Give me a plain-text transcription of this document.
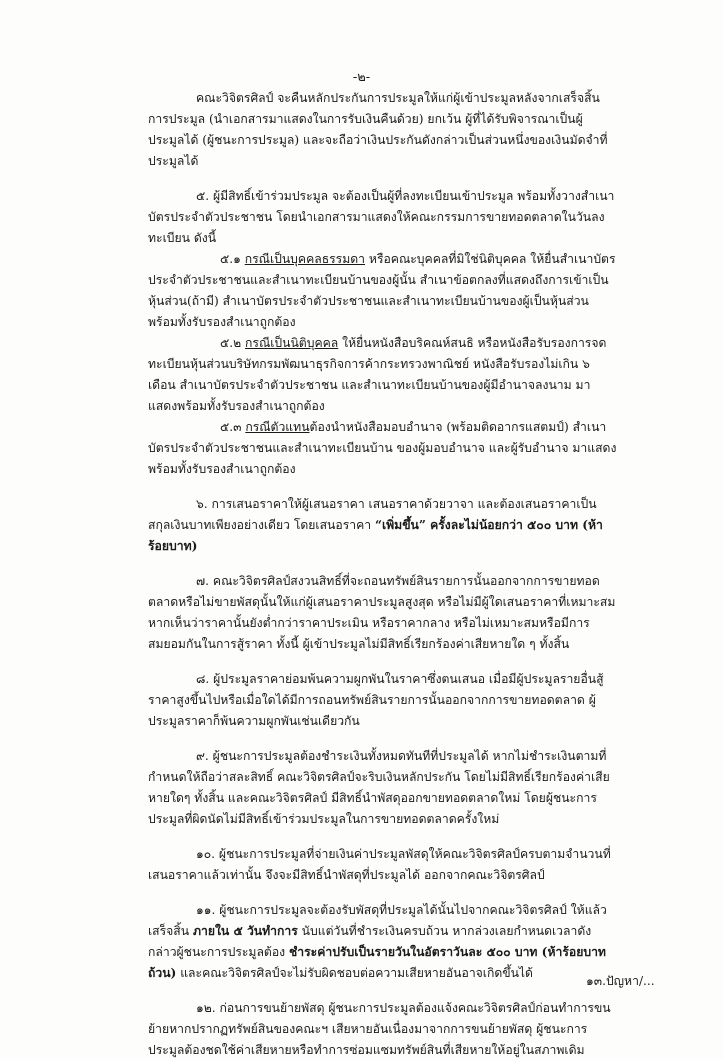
-๒-

คณะวิจิตรศิลป์ จะคืนหลักประกันการประมูลให้แก่ผู้เข้าประมูลหลังจากเสร็จสิ้นการประมูล (นำเอกสารมาแสดงในการรับเงินคืนด้วย) ยกเว้น ผู้ที่ได้รับพิจารณาเป็นผู้ประมูลได้ (ผู้ชนะการประมูล) และจะถือว่าเงินประกันดังกล่าวเป็นส่วนหนึ่งของเงินมัดจำที่ประมูลได้

๕. ผู้มีสิทธิ์เข้าร่วมประมูล จะต้องเป็นผู้ที่ลงทะเบียนเข้าประมูล พร้อมทั้งวางสำเนาบัตรประจำตัวประชาชน โดยนำเอกสารมาแสดงให้คณะกรรมการขายทอดตลาดในวันลงทะเบียน ดังนี้

๕.๑ กรณีเป็นบุคคลธรรมดา หรือคณะบุคคลที่มิใช่นิติบุคคล ให้ยื่นสำเนาบัตรประจำตัวประชาชนและสำเนาทะเบียนบ้านของผู้นั้น สำเนาข้อตกลงที่แสดงถึงการเข้าเป็นหุ้นส่วน(ถ้ามี) สำเนาบัตรประจำตัวประชาชนและสำเนาทะเบียนบ้านของผู้เป็นหุ้นส่วน พร้อมทั้งรับรองสำเนาถูกต้อง

๕.๒ กรณีเป็นนิติบุคคล ให้ยื่นหนังสือบริคณห์สนธิ หรือหนังสือรับรองการจดทะเบียนหุ้นส่วนบริษัทกรมพัฒนาธุรกิจการค้ากระทรวงพาณิชย์ หนังสือรับรองไม่เกิน ๖ เดือน สำเนาบัตรประจำตัวประชาชน และสำเนาทะเบียนบ้านของผู้มีอำนาจลงนาม มาแสดงพร้อมทั้งรับรองสำเนาถูกต้อง

๕.๓ กรณีตัวแทนต้องนำหนังสือมอบอำนาจ (พร้อมติดอากรแสตมป์) สำเนาบัตรประจำตัวประชาชนและสำเนาทะเบียนบ้าน ของผู้มอบอำนาจ และผู้รับอำนาจ มาแสดงพร้อมทั้งรับรองสำเนาถูกต้อง

๖. การเสนอราคาให้ผู้เสนอราคา เสนอราคาด้วยวาจา และต้องเสนอราคาเป็นสกุลเงินบาทเพียงอย่างเดียว โดยเสนอราคา “เพิ่มขึ้น” ครั้งละไม่น้อยกว่า ๕๐๐ บาท (ห้าร้อยบาท)

๗. คณะวิจิตรศิลป์สงวนสิทธิ์ที่จะถอนทรัพย์สินรายการนั้นออกจากการขายทอดตลาดหรือไม่ขายพัสดุนั้นให้แก่ผู้เสนอราคาประมูลสูงสุด หรือไม่มีผู้ใดเสนอราคาที่เหมาะสมหากเห็นว่าราคานั้นยังต่ำกว่าราคาประเมิน หรือราคากลาง หรือไม่เหมาะสมหรือมีการสมยอมกันในการสู้ราคา ทั้งนี้ ผู้เข้าประมูลไม่มีสิทธิ์เรียกร้องค่าเสียหายใด ๆ ทั้งสิ้น

๘. ผู้ประมูลราคาย่อมพ้นความผูกพันในราคาซึ่งตนเสนอ เมื่อมีผู้ประมูลรายอื่นสู้ราคาสูงขึ้นไปหรือเมื่อใดได้มีการถอนทรัพย์สินรายการนั้นออกจากการขายทอดตลาด ผู้ประมูลราคาก็พ้นความผูกพันเช่นเดียวกัน

๙. ผู้ชนะการประมูลต้องชำระเงินทั้งหมดทันทีที่ประมูลได้ หากไม่ชำระเงินตามที่กำหนดให้ถือว่าสละสิทธิ์ คณะวิจิตรศิลป์จะริบเงินหลักประกัน โดยไม่มีสิทธิ์เรียกร้องค่าเสียหายใดๆ ทั้งสิ้น และคณะวิจิตรศิลป์ มีสิทธิ์นำพัสดุออกขายทอดตลาดใหม่ โดยผู้ชนะการประมูลที่ผิดนัดไม่มีสิทธิ์เข้าร่วมประมูลในการขายทอดตลาดครั้งใหม่

๑๐. ผู้ชนะการประมูลที่จ่ายเงินค่าประมูลพัสดุให้คณะวิจิตรศิลป์ครบตามจำนวนที่เสนอราคาแล้วเท่านั้น จึงจะมีสิทธิ์นำพัสดุที่ประมูลได้ ออกจากคณะวิจิตรศิลป์

๑๑. ผู้ชนะการประมูลจะต้องรับพัสดุที่ประมูลได้นั้นไปจากคณะวิจิตรศิลป์ ให้แล้วเสร็จสิ้น ภายใน ๕ วันทำการ นับแต่วันที่ชำระเงินครบถ้วน หากล่วงเลยกำหนดเวลาดังกล่าวผู้ชนะการประมูลต้อง ชำระค่าปรับเป็นรายวันในอัตราวันละ ๕๐๐ บาท (ห้าร้อยบาทถ้วน) และคณะวิจิตรศิลป์จะไม่รับผิดชอบต่อความเสียหายอันอาจเกิดขึ้นได้

๑๒. ก่อนการขนย้ายพัสดุ ผู้ชนะการประมูลต้องแจ้งคณะวิจิตรศิลป์ก่อนทำการขนย้ายหากปรากฏทรัพย์สินของคณะฯ เสียหายอันเนื่องมาจากการขนย้ายพัสดุ ผู้ชนะการประมูลต้องชดใช้ค่าเสียหายหรือทำการซ่อมแซมทรัพย์สินที่เสียหายให้อยู่ในสภาพเดิม

๑๓.ปัญหา/...
